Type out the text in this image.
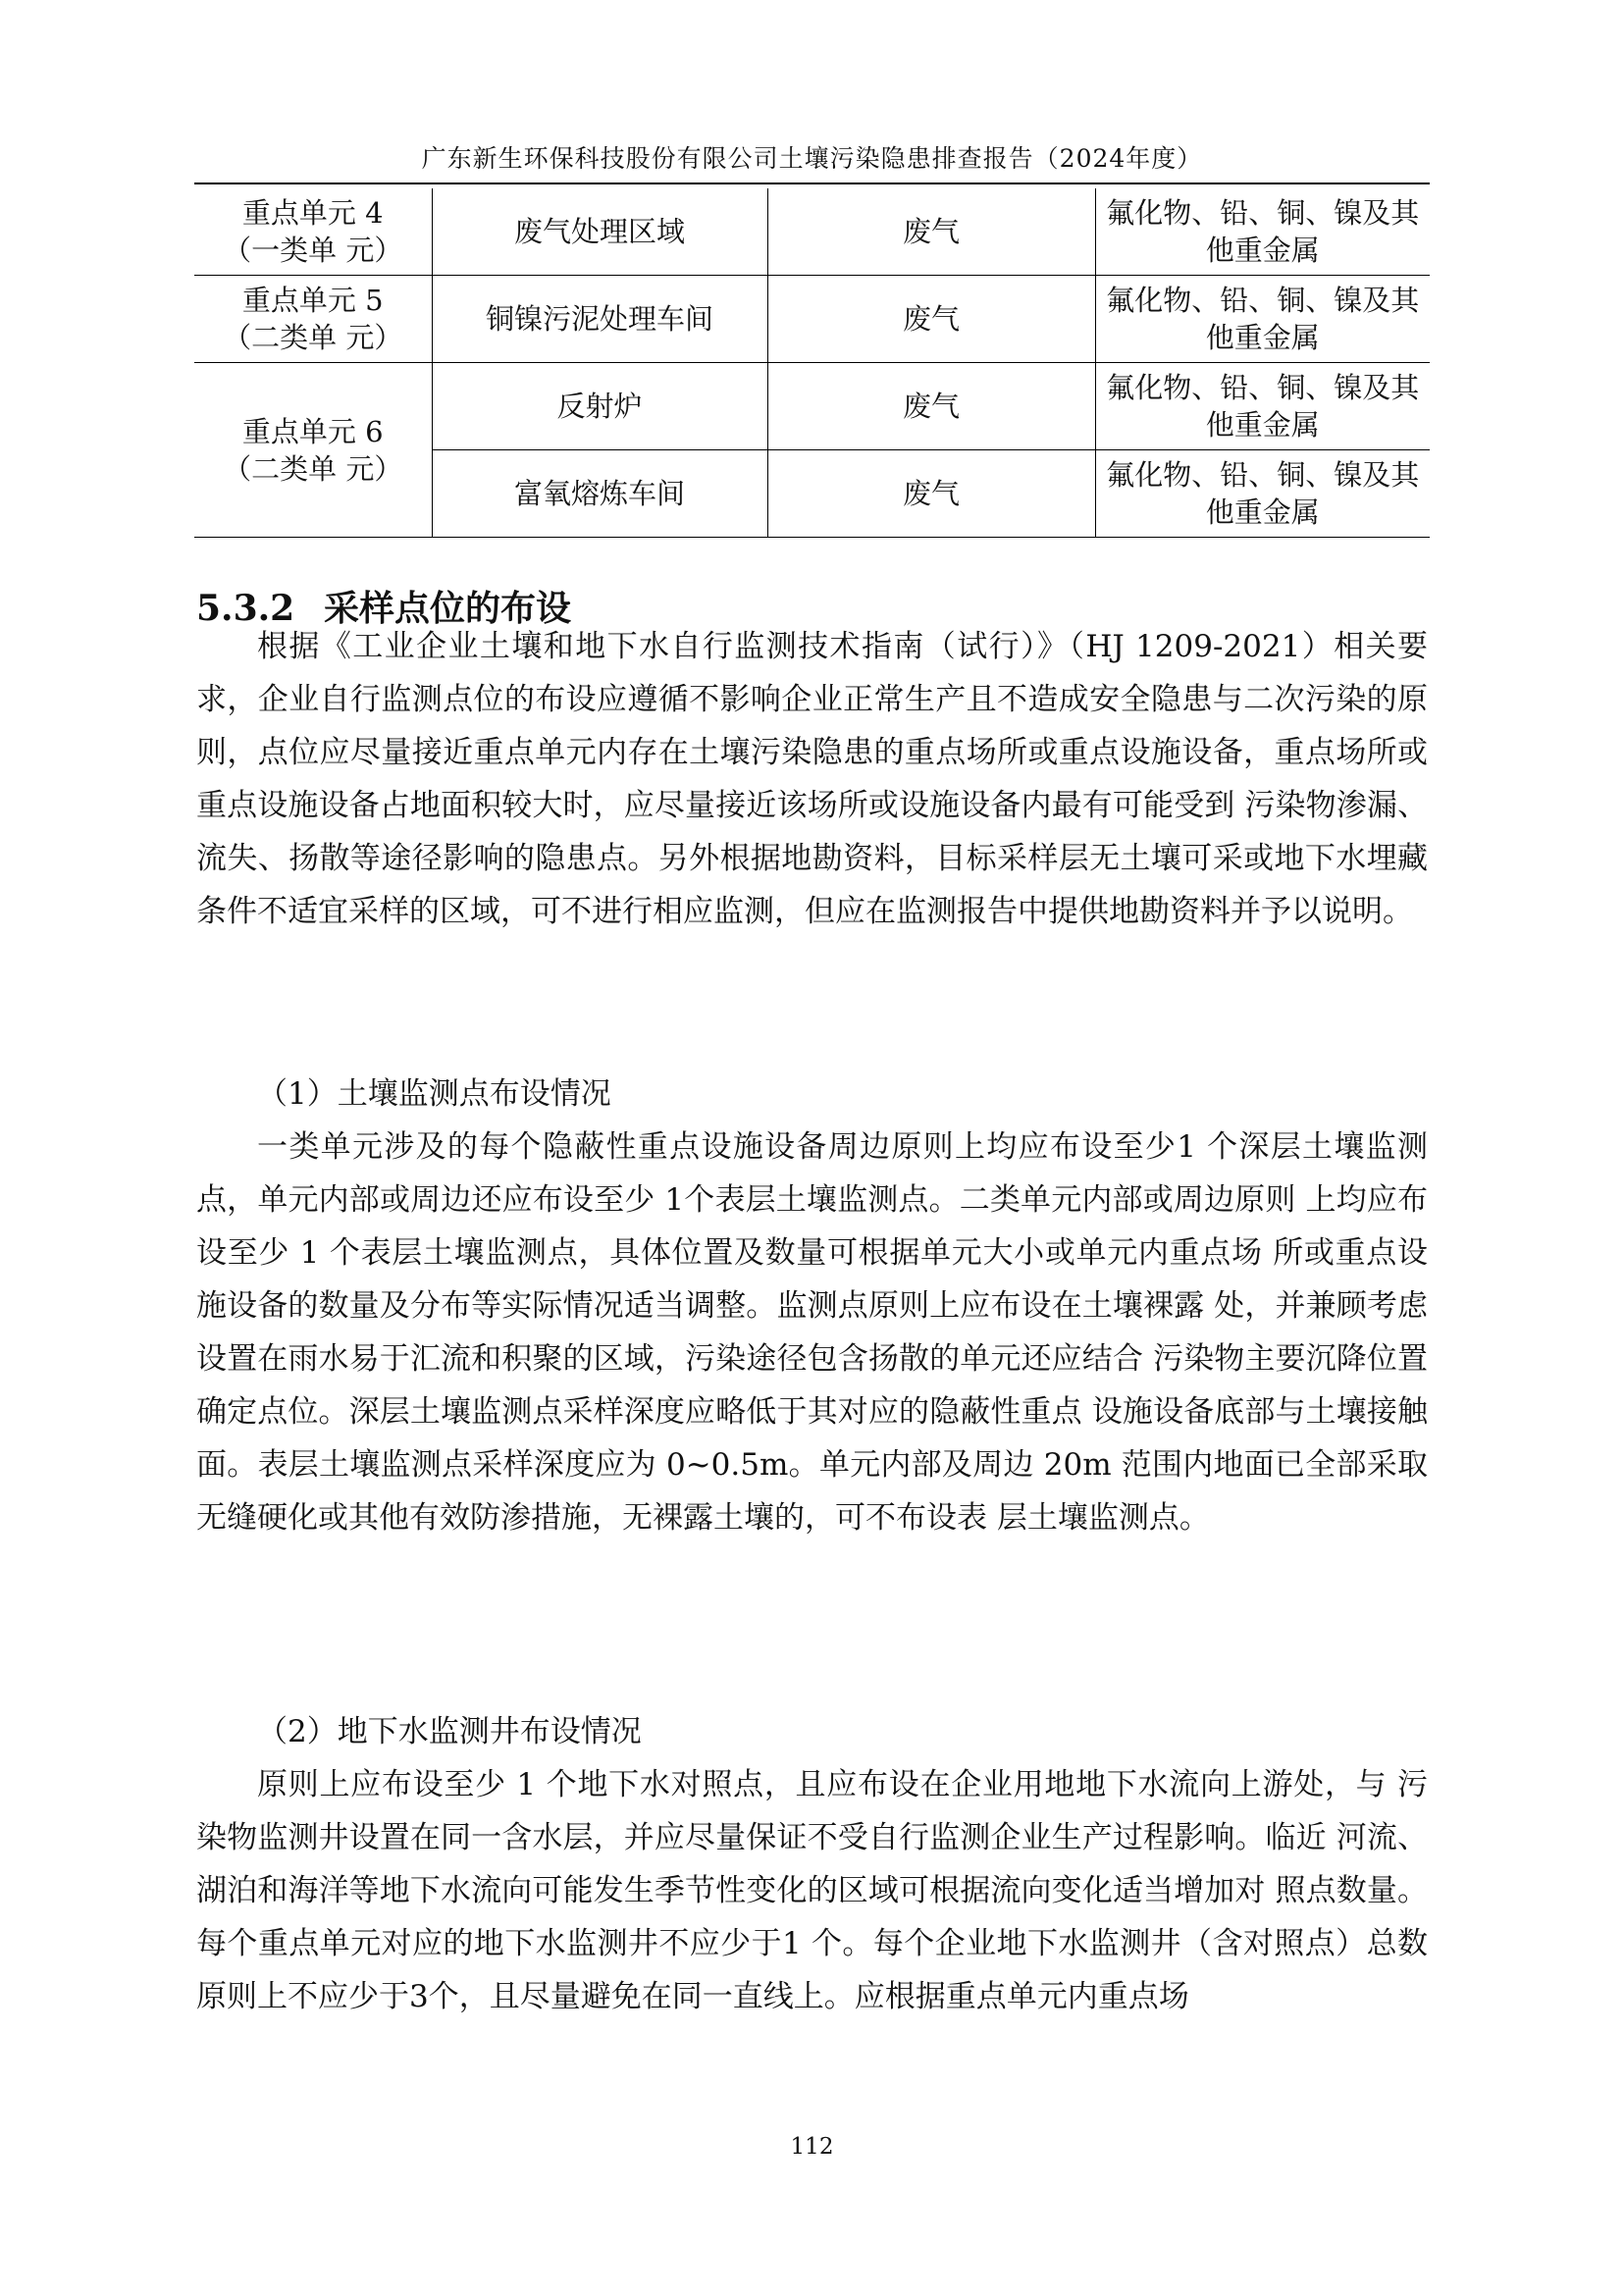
广东新生环保科技股份有限公司土壤污染隐患排查报告（2024年度）
重点单元 4
（一类单 元）	废气处理区域	废气	氟化物、铅、铜、镍及其他重金属

重点单元 5
（二类单 元）	铜镍污泥处理车间	废气	氟化物、铅、铜、镍及其他重金属

重点单元 6
（二类单 元）	反射炉	废气	氟化物、铅、铜、镍及其他重金属
	富氧熔炼车间	废气	氟化物、铅、铜、镍及其他重金属
5.3.2 采样点位的布设

根据《工业企业土壤和地下水自行监测技术指南（试行）》（HJ 1209-2021）相关要求，企业自行监测点位的布设应遵循不影响企业正常生产且不造成安全隐患与二次污染的原则，点位应尽量接近重点单元内存在土壤污染隐患的重点场所或重点设施设备，重点场所或重点设施设备占地面积较大时，应尽量接近该场所或设施设备内最有可能受到 污染物渗漏、流失、扬散等途径影响的隐患点。另外根据地勘资料，目标采样层无土壤可采或地下水埋藏条件不适宜采样的区域，可不进行相应监测，但应在监测报告中提供地勘资料并予以说明。

（1）土壤监测点布设情况

一类单元涉及的每个隐蔽性重点设施设备周边原则上均应布设至少1 个深层土壤监测点，单元内部或周边还应布设至少 1个表层土壤监测点。二类单元内部或周边原则 上均应布设至少 1 个表层土壤监测点，具体位置及数量可根据单元大小或单元内重点场 所或重点设施设备的数量及分布等实际情况适当调整。监测点原则上应布设在土壤裸露 处，并兼顾考虑设置在雨水易于汇流和积聚的区域，污染途径包含扬散的单元还应结合 污染物主要沉降位置确定点位。深层土壤监测点采样深度应略低于其对应的隐蔽性重点 设施设备底部与土壤接触面。表层土壤监测点采样深度应为 0~0.5m。单元内部及周边 20m 范围内地面已全部采取无缝硬化或其他有效防渗措施，无裸露土壤的，可不布设表 层土壤监测点。

（2）地下水监测井布设情况

原则上应布设至少 1 个地下水对照点，且应布设在企业用地地下水流向上游处，与 污染物监测井设置在同一含水层，并应尽量保证不受自行监测企业生产过程影响。临近 河流、湖泊和海洋等地下水流向可能发生季节性变化的区域可根据流向变化适当增加对 照点数量。每个重点单元对应的地下水监测井不应少于1 个。每个企业地下水监测井（含对照点）总数原则上不应少于3个，且尽量避免在同一直线上。应根据重点单元内重点场

112
